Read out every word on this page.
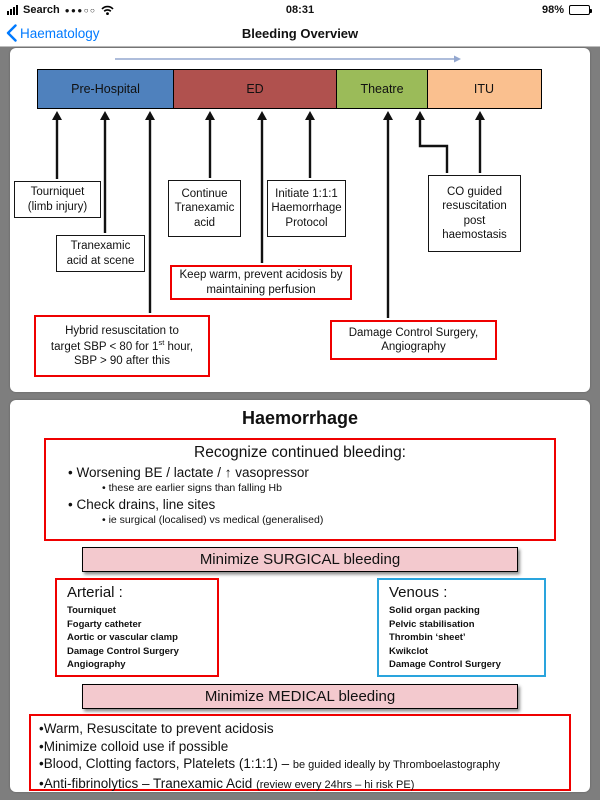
Search ●●●○○	08:31	98%
Bleeding Overview
Haematology
Pre-Hospital	ED	Theatre	ITU
Tourniquet (limb injury)
Tranexamic acid at scene
Continue Tranexamic acid
Initiate 1:1:1 Haemorrhage Protocol
CO guided resuscitation post haemostasis
Keep warm, prevent acidosis by maintaining perfusion
Hybrid resuscitation to
target SBP < 80 for 1st hour,
SBP > 90 after this
Damage Control Surgery, Angiography
Haemorrhage
Recognize continued bleeding:
• Worsening BE / lactate / ↑ vasopressor
• these are earlier signs than falling Hb
• Check drains, line sites
• ie surgical (localised) vs medical (generalised)
Minimize SURGICAL bleeding
Arterial :
Tourniquet
Fogarty catheter
Aortic or vascular clamp
Damage Control Surgery
Angiography
Venous :
Solid organ packing
Pelvic stabilisation
Thrombin ‘sheet’
Kwikclot
Damage Control Surgery
Minimize MEDICAL bleeding
•Warm, Resuscitate to prevent acidosis
•Minimize colloid use if possible
•Blood, Clotting factors, Platelets (1:1:1) – be guided ideally by Thromboelastography
•Anti-fibrinolytics – Tranexamic Acid (review every 24hrs – hi risk PE)
